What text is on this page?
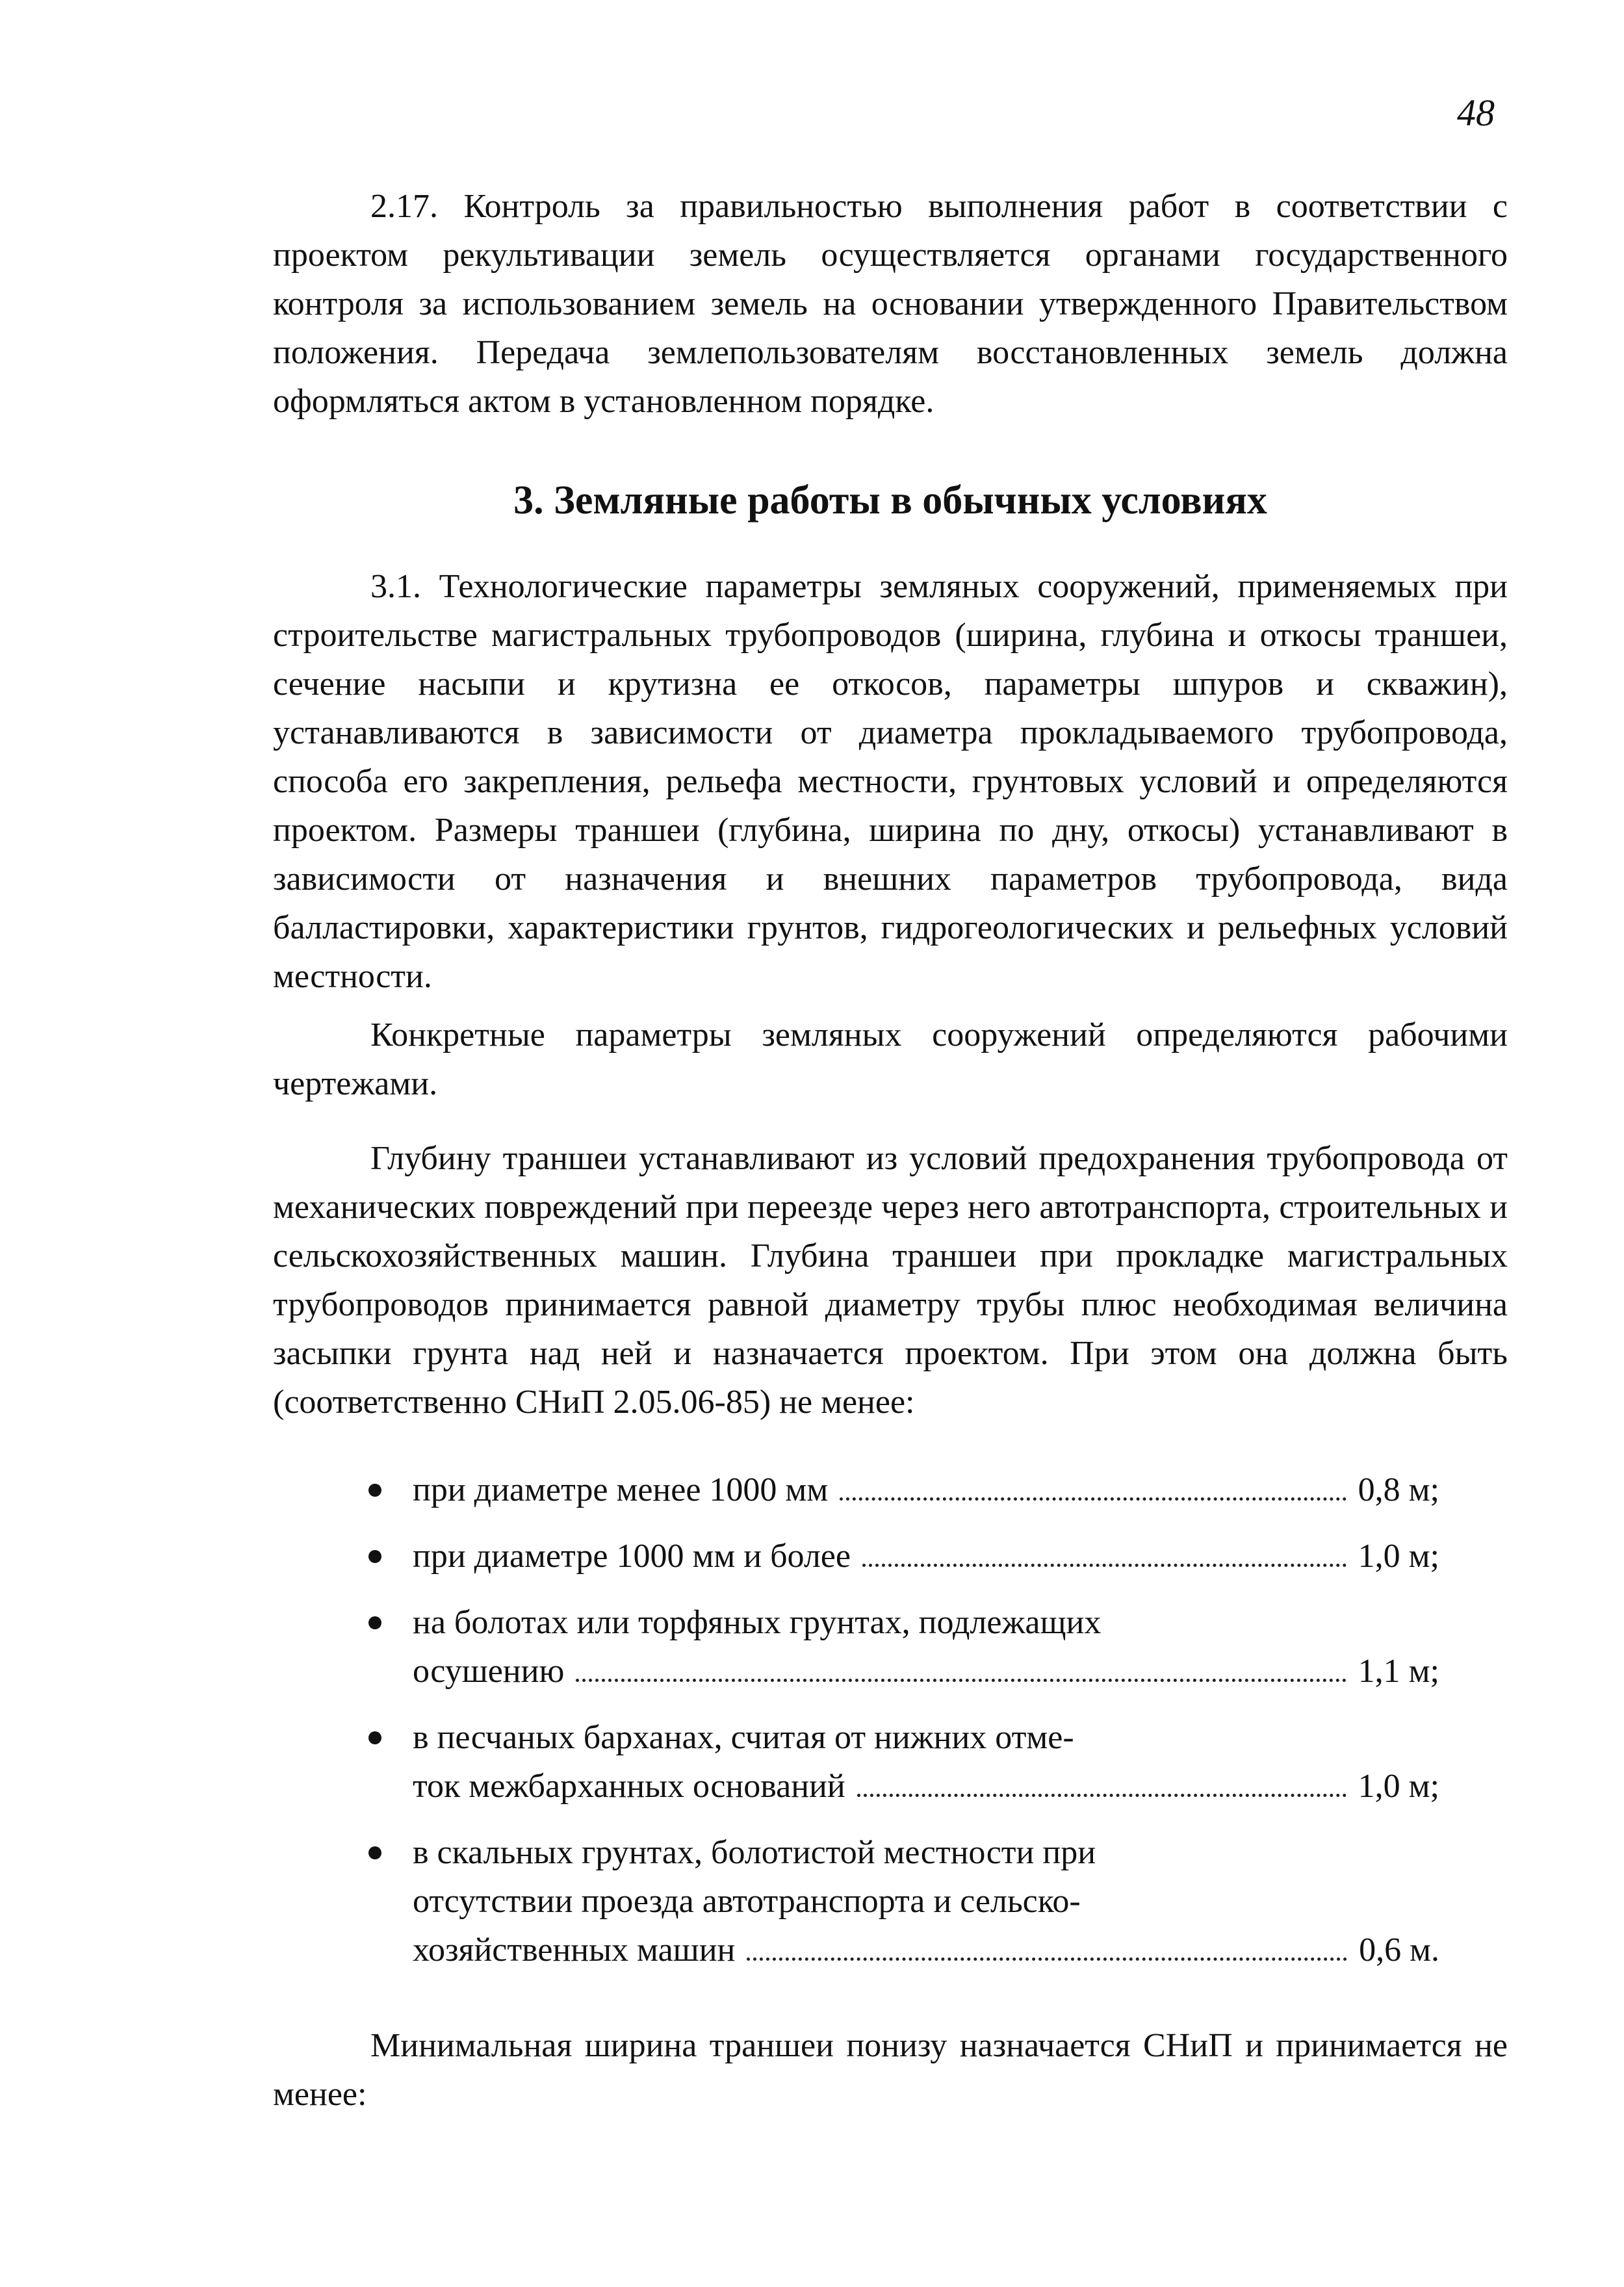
48

2.17. Контроль за правильностью выполнения работ в соответствии с проектом рекультивации земель осуществляется органами государственного контроля за использованием земель на основании утвержденного Правительством положения. Передача землепользователям восстановленных земель должна оформляться актом в установленном порядке.

3. Земляные работы в обычных условиях

3.1. Технологические параметры земляных сооружений, применяемых при строительстве магистральных трубопроводов (ширина, глубина и откосы траншеи, сечение насыпи и крутизна ее откосов, параметры шпуров и скважин), устанавливаются в зависимости от диаметра прокладываемого трубопровода, способа его закрепления, рельефа местности, грунтовых условий и определяются проектом. Размеры траншеи (глубина, ширина по дну, откосы) устанавливают в зависимости от назначения и внешних параметров трубопровода, вида балластировки, характеристики грунтов, гидрогеологических и рельефных условий местности.

Конкретные параметры земляных сооружений определяются рабочими чертежами.

Глубину траншеи устанавливают из условий предохранения трубопровода от механических повреждений при переезде через него автотранспорта, строительных и сельскохозяйственных машин. Глубина траншеи при прокладке магистральных трубопроводов принимается равной диаметру трубы плюс необходимая величина засыпки грунта над ней и назначается проектом. При этом она должна быть (соответственно СНиП 2.05.06-85) не менее:

при диаметре менее 1000 мм	0,8 м;
при диаметре 1000 мм и более	1,0 м;
на болотах или торфяных грунтах, подлежащих
осушению	1,1 м;
в песчаных барханах, считая от нижних отме-
ток межбарханных оснований	1,0 м;
в скальных грунтах, болотистой местности при
отсутствии проезда автотранспорта и сельско-
хозяйственных машин	0,6 м.

Минимальная ширина траншеи понизу назначается СНиП и принимается не менее:
